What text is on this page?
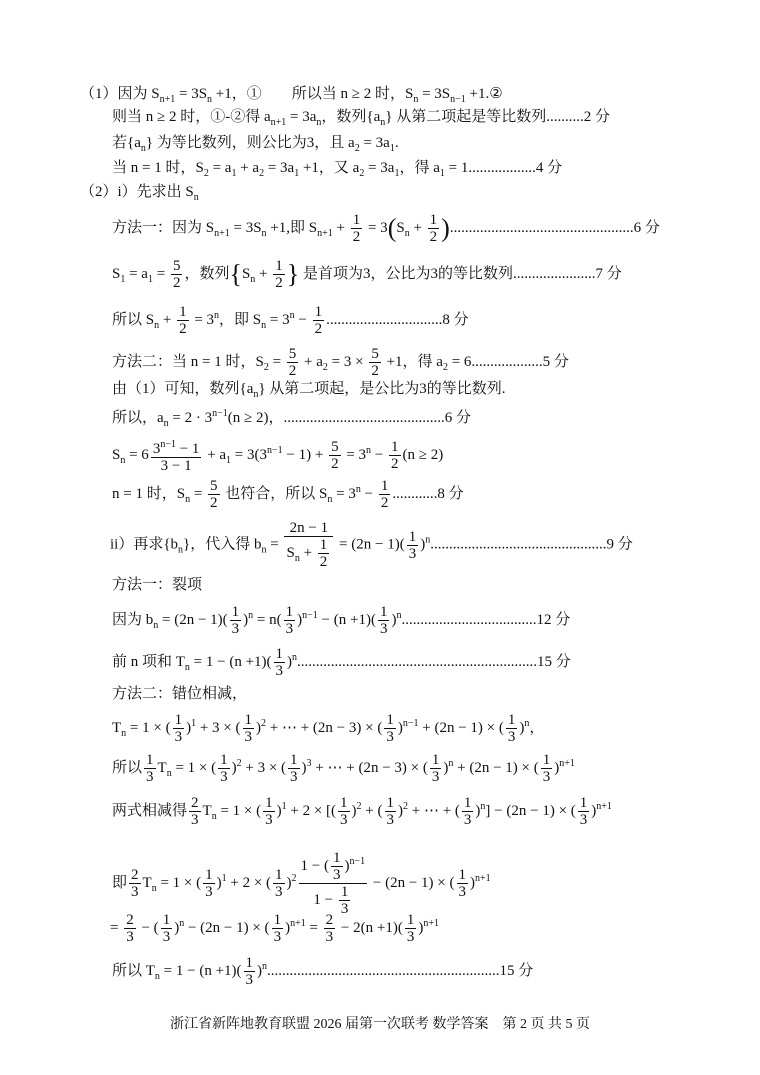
（1）因为 $S_{n+1} = 3S_n +1$，①　　所以当 n ≥ 2 时，$S_n = 3S_{n-1}$ +1.②
则当 n ≥ 2 时，①-②得 $a_{n+1} = 3a_n$，数列$\{a_n\}$ 从第二项起是等比数列..........2 分
若$\{a_n\}$ 为等比数列，则公比为3，且 $a_2 = 3a_1$.
当 n = 1 时，$S_2 = a_1 + a_2 = 3a_1 +1$，又 $a_2 = 3a_1$，得 $a_1 = 1..................4$ 分
（2）i）先求出 $S_n$
方法一：因为 $S_{n+1} = 3S_n +1$,即 $S_{n+1} + \frac{1}{2} = 3(S_n + \frac{1}{2} ).................................................6$ 分
$S_1 = a_1 = \frac{5}{2}$ ，数列{$S_n + \frac{1}{2}$ } 是首项为3，公比为3的等比数列......................7 分
所以 $S_n + \frac{1}{2} = 3^n$，即 $S_n = 3^n - \frac{1}{2} ...............................8$ 分
方法二：当 n = 1 时，$S_2 = \frac{5}{2} + a_2 = 3 \times \frac{5}{2} +1$，得 $a_2 = 6...................5$ 分
由（1）可知，数列$\{a_n\}$ 从第二项起，是公比为3的等比数列.
所以，$a_n = 2 \cdot 3^{n-1}(n \ge 2)$，...........................................6 分
$S_n = 6 \frac{3^{n-1} - 1}{3 - 1} + a_1 = 3(3^{n-1} - 1) + \frac{5}{2} = 3^n - \frac{1}{2} (n \ge 2)$
n = 1 时，$S_n = \frac{5}{2}$ 也符合，所以 $S_n = 3^n - \frac{1}{2} ............8$ 分
ii）再求$\{b_n\}$，代入得 $b_n = \frac{2n - 1}{S_n + \frac{1}{2}} = (2n - 1)( \frac{1}{3} )^n...............................................9$ 分
方法一：裂项
因为 $b_n = (2n - 1)( \frac{1}{3} )^n = n( \frac{1}{3} )^{n-1} - (n +1)( \frac{1}{3} )^n....................................12$ 分
前 n 项和 $T_n = 1 - (n +1)( \frac{1}{3} )^n................................................................15$ 分
方法二：错位相减，
$T_n = 1$ × ( $\frac{1}{3} )^1 + 3$ × ( $\frac{1}{3} )^2$ + ⋯ + (2n − 3) × ( $\frac{1}{3} )^{n-1} + (2n - 1)$ × ( $\frac{1}{3} )^n$，
所以 $\frac{1}{3} T_n = 1$ × ( $\frac{1}{3} )^2 + 3$ × ( $\frac{1}{3} )^3$ + ⋯ + (2n − 3) × ( $\frac{1}{3} )^n + (2n - 1)$ × ( $\frac{1}{3} )^{n+1}$
两式相减得 $\frac{2}{3} T_n = 1$ × ( $\frac{1}{3} )^1 + 2$ × [( $\frac{1}{3} )^2$ + ( $\frac{1}{3} )^2$ + ⋯ + ( $\frac{1}{3} )^n] - (2n - 1)$ × ( $\frac{1}{3} )^{n+1}$
即 $\frac{2}{3} T_n = 1$ × ( $\frac{1}{3} )^1 + 2$ × ( $\frac{1}{3} )^2 \frac{1 - ( \frac{1}{3} )^{n-1}}{1 - \frac{1}{3}} - (2n - 1)$ × ( $\frac{1}{3} )^{n+1}$
= $\frac{2}{3}$ − ( $\frac{1}{3} )^n - (2n - 1)$ × ( $\frac{1}{3} )^{n+1} = \frac{2}{3} - 2(n +1)( \frac{1}{3} )^{n+1}$
所以 $T_n = 1 - (n +1)( \frac{1}{3} )^n..............................................................15$ 分
浙江省新阵地教育联盟 2026 届第一次联考 数学答案　第 2 页 共 5 页
